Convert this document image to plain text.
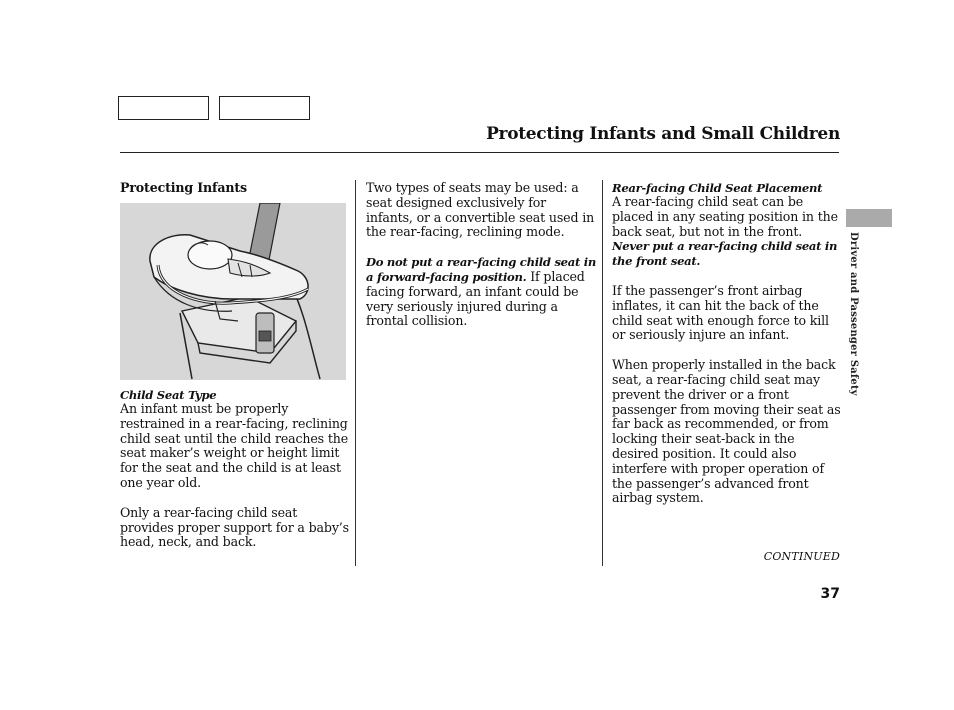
Protecting Infants and Small Children
Driver and Passenger Safety
Protecting Infants
Child Seat Type

An infant must be properly restrained in a rear-facing, reclining child seat until the child reaches the seat maker’s weight or height limit for the seat and the child is at least one year old.

Only a rear-facing child seat provides proper support for a baby’s head, neck, and back.

Two types of seats may be used: a seat designed exclusively for infants, or a convertible seat used in the rear-facing, reclining mode.

Do not put a rear-facing child seat in a forward-facing position. If placed facing forward, an infant could be very seriously injured during a frontal collision.

Rear-facing Child Seat Placement

A rear-facing child seat can be placed in any seating position in the back seat, but not in the front. Never put a rear-facing child seat in the front seat.

If the passenger’s front airbag inflates, it can hit the back of the child seat with enough force to kill or seriously injure an infant.

When properly installed in the back seat, a rear-facing child seat may prevent the driver or a front passenger from moving their seat as far back as recommended, or from locking their seat-back in the desired position. It could also interfere with proper operation of the passenger’s advanced front airbag system.

CONTINUED
37
